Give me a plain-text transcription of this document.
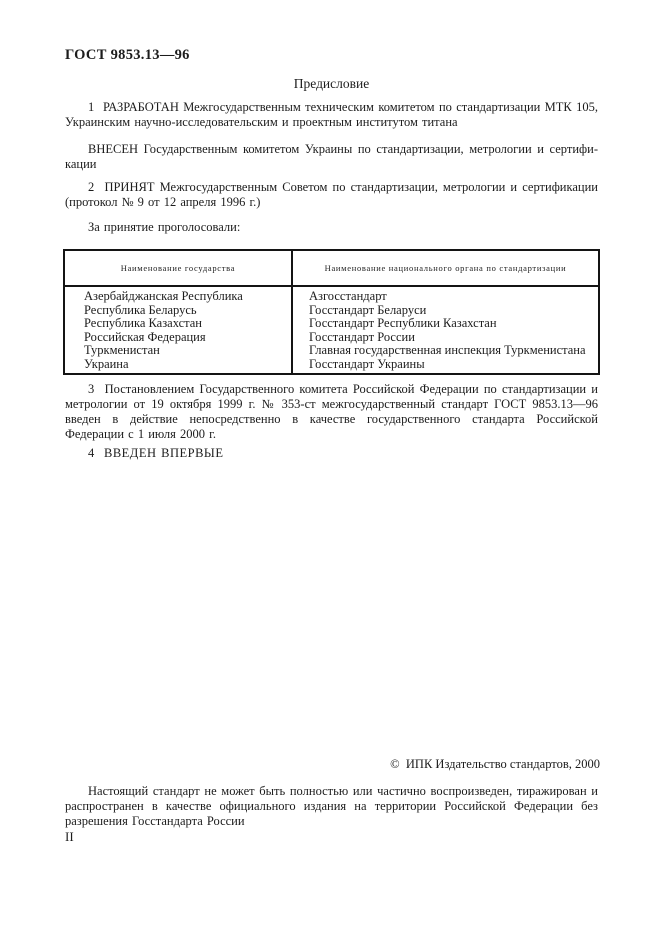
ГОСТ 9853.13—96
Предисловие

1  РАЗРАБОТАН Межгосударственным техническим комитетом по стандартизации МТК 105, Украинским научно-исследовательским и проектным институтом титана

ВНЕСЕН Государственным комитетом Украины по стандартизации, метрологии и сертификации

2  ПРИНЯТ Межгосударственным Советом по стандартизации, метрологии и сертификации (протокол № 9 от 12 апреля 1996 г.)

За принятие проголосовали:

Наименование государства	Наименование национального органа по стандартизации
Азербайджанская Республика	Азгосстандарт
Республика Беларусь	Госстандарт Беларуси
Республика Казахстан	Госстандарт Республики Казахстан
Российская Федерация	Госстандарт России
Туркменистан	Главная государственная инспекция Туркменистана
Украина	Госстандарт Украины

3  Постановлением Государственного комитета Российской Федерации по стандартизации и метрологии от 19 октября 1999 г. № 353-ст межгосударственный стандарт ГОСТ 9853.13—96 введен в действие непосредственно в качестве государственного стандарта Российской Федерации с 1 июля 2000 г.

4  ВВЕДЕН ВПЕРВЫЕ

©  ИПК Издательство стандартов, 2000

Настоящий стандарт не может быть полностью или частично воспроизведен, тиражирован и распространен в качестве официального издания на территории Российской Федерации без разрешения Госстандарта России

II
